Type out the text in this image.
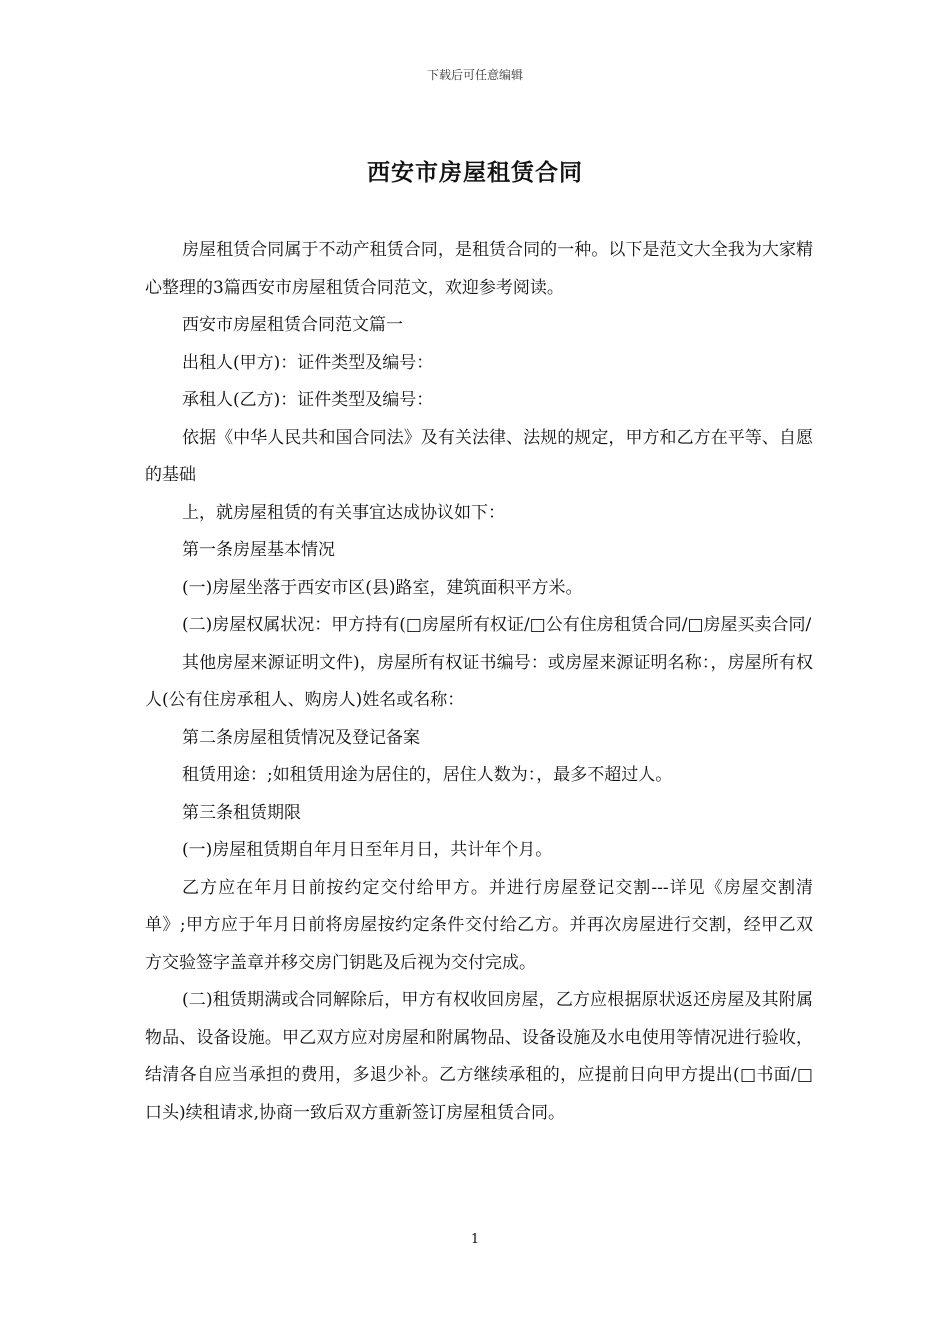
下载后可任意编辑
西安市房屋租赁合同

房屋租赁合同属于不动产租赁合同，是租赁合同的一种。以下是范文大全我为大家精心整理的3篇西安市房屋租赁合同范文，欢迎参考阅读。

西安市房屋租赁合同范文篇一

出租人(甲方)：证件类型及编号：

承租人(乙方)：证件类型及编号：

依据《中华人民共和国合同法》及有关法律、法规的规定，甲方和乙方在平等、自愿的基础

上，就房屋租赁的有关事宜达成协议如下：

第一条房屋基本情况

(一)房屋坐落于西安市区(县)路室，建筑面积平方米。

(二)房屋权属状况：甲方持有(□房屋所有权证/□公有住房租赁合同/□房屋买卖合同/

其他房屋来源证明文件)，房屋所有权证书编号：或房屋来源证明名称：，房屋所有权人(公有住房承租人、购房人)姓名或名称：

第二条房屋租赁情况及登记备案

租赁用途：;如租赁用途为居住的，居住人数为：，最多不超过人。

第三条租赁期限

(一)房屋租赁期自年月日至年月日，共计年个月。

乙方应在年月日前按约定交付给甲方。并进行房屋登记交割---详见《房屋交割清单》;甲方应于年月日前将房屋按约定条件交付给乙方。并再次房屋进行交割，经甲乙双方交验签字盖章并移交房门钥匙及后视为交付完成。

(二)租赁期满或合同解除后，甲方有权收回房屋，乙方应根据原状返还房屋及其附属物品、设备设施。甲乙双方应对房屋和附属物品、设备设施及水电使用等情况进行验收，结清各自应当承担的费用，多退少补。乙方继续承租的，应提前日向甲方提出(□书面/□口头)续租请求,协商一致后双方重新签订房屋租赁合同。

1
